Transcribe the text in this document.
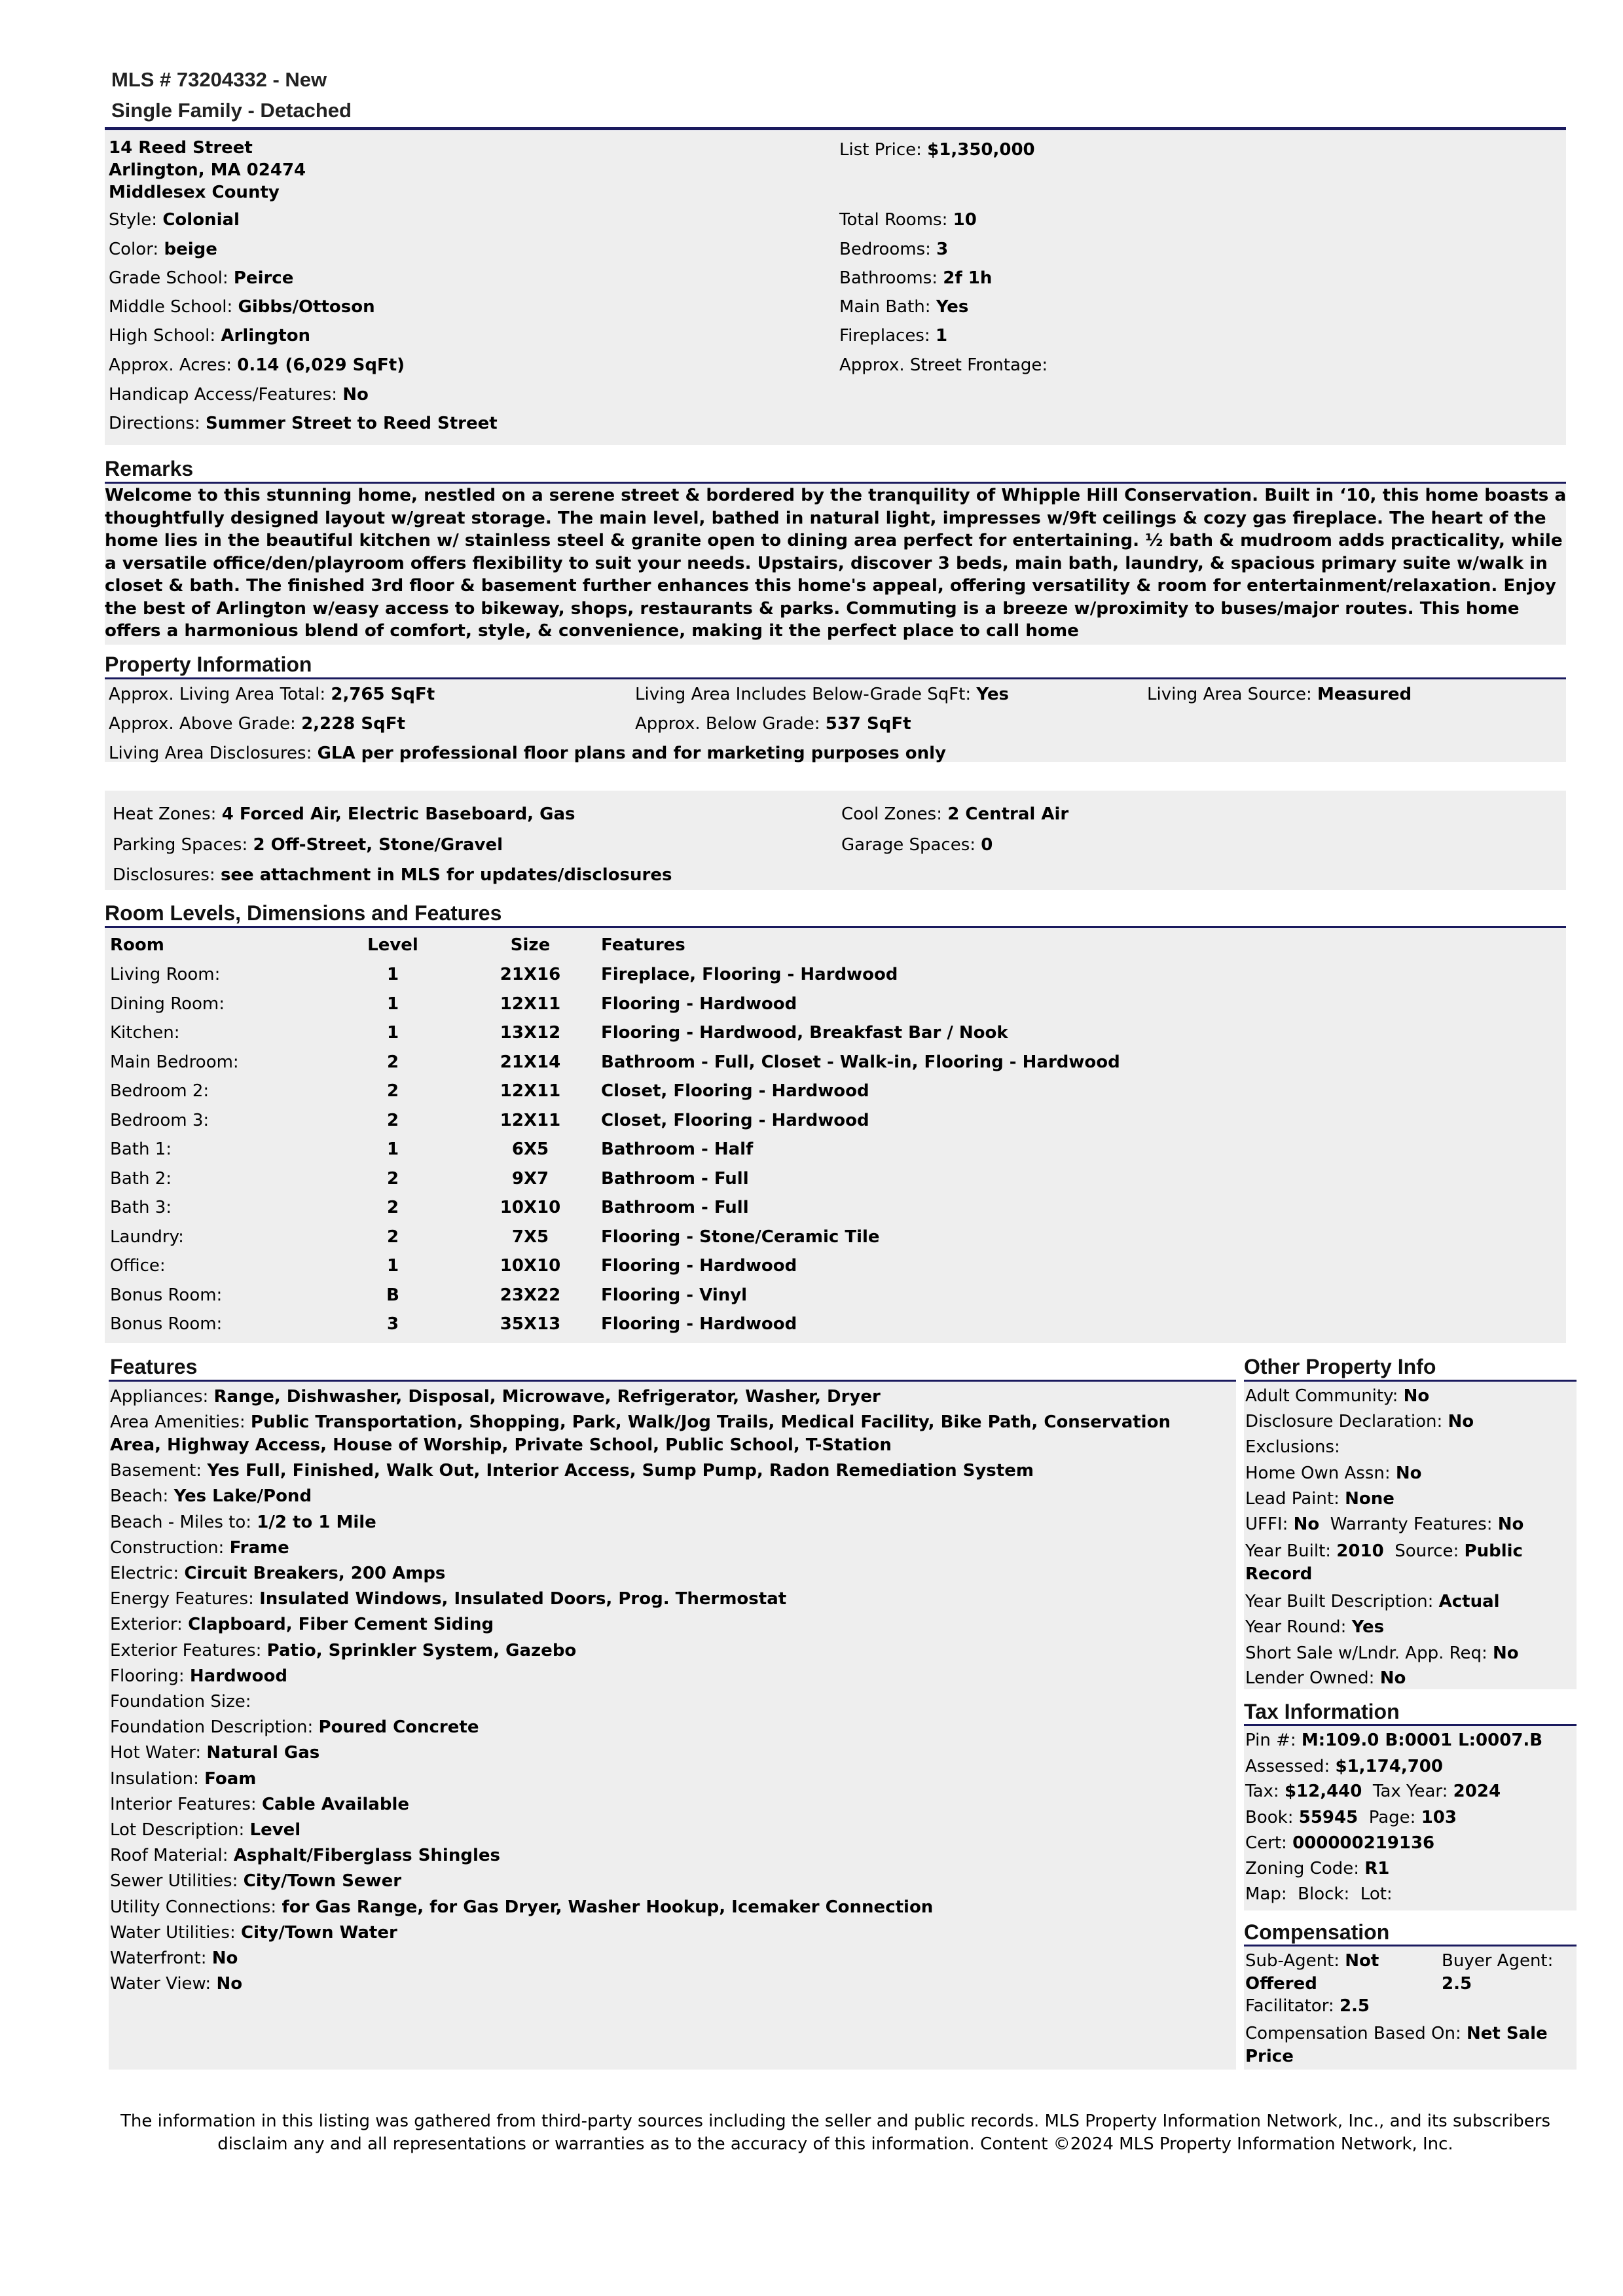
MLS # 73204332 - New
Single Family - Detached
14 Reed Street
Arlington, MA 02474
Middlesex County
List Price: $1,350,000
Style: Colonial
Color: beige
Grade School: Peirce
Middle School: Gibbs/Ottoson
High School: Arlington
Approx. Acres: 0.14 (6,029 SqFt)
Handicap Access/Features: No
Directions: Summer Street to Reed Street
Total Rooms: 10
Bedrooms: 3
Bathrooms: 2f 1h
Main Bath: Yes
Fireplaces: 1
Approx. Street Frontage:
Remarks
Welcome to this stunning home, nestled on a serene street & bordered by the tranquility of Whipple Hill Conservation. Built in ‘10, this home boasts a thoughtfully designed layout w/great storage. The main level, bathed in natural light, impresses w/9ft ceilings & cozy gas fireplace. The heart of the home lies in the beautiful kitchen w/ stainless steel & granite open to dining area perfect for entertaining. ½ bath & mudroom adds practicality, while a versatile office/den/playroom offers flexibility to suit your needs. Upstairs, discover 3 beds, main bath, laundry, & spacious primary suite w/walk in closet & bath. The finished 3rd floor & basement further enhances this home's appeal, offering versatility & room for entertainment/relaxation. Enjoy the best of Arlington w/easy access to bikeway, shops, restaurants & parks. Commuting is a breeze w/proximity to buses/major routes. This home offers a harmonious blend of comfort, style, & convenience, making it the perfect place to call home
Property Information
Approx. Living Area Total: 2,765 SqFt	Living Area Includes Below-Grade SqFt: Yes	Living Area Source: Measured
Approx. Above Grade: 2,228 SqFt	Approx. Below Grade: 537 SqFt
Living Area Disclosures: GLA per professional floor plans and for marketing purposes only
Heat Zones: 4 Forced Air, Electric Baseboard, Gas	Cool Zones: 2 Central Air
Parking Spaces: 2 Off-Street, Stone/Gravel	Garage Spaces: 0
Disclosures: see attachment in MLS for updates/disclosures
Room Levels, Dimensions and Features
Room	Level	Size	Features
Living Room:	1	21X16	Fireplace, Flooring - Hardwood
Dining Room:	1	12X11	Flooring - Hardwood
Kitchen:	1	13X12	Flooring - Hardwood, Breakfast Bar / Nook
Main Bedroom:	2	21X14	Bathroom - Full, Closet - Walk-in, Flooring - Hardwood
Bedroom 2:	2	12X11	Closet, Flooring - Hardwood
Bedroom 3:	2	12X11	Closet, Flooring - Hardwood
Bath 1:	1	6X5	Bathroom - Half
Bath 2:	2	9X7	Bathroom - Full
Bath 3:	2	10X10	Bathroom - Full
Laundry:	2	7X5	Flooring - Stone/Ceramic Tile
Office:	1	10X10	Flooring - Hardwood
Bonus Room:	B	23X22	Flooring - Vinyl
Bonus Room:	3	35X13	Flooring - Hardwood
Features
Appliances: Range, Dishwasher, Disposal, Microwave, Refrigerator, Washer, Dryer
Area Amenities: Public Transportation, Shopping, Park, Walk/Jog Trails, Medical Facility, Bike Path, Conservation Area, Highway Access, House of Worship, Private School, Public School, T-Station
Basement: Yes Full, Finished, Walk Out, Interior Access, Sump Pump, Radon Remediation System
Beach: Yes Lake/Pond
Beach - Miles to: 1/2 to 1 Mile
Construction: Frame
Electric: Circuit Breakers, 200 Amps
Energy Features: Insulated Windows, Insulated Doors, Prog. Thermostat
Exterior: Clapboard, Fiber Cement Siding
Exterior Features: Patio, Sprinkler System, Gazebo
Flooring: Hardwood
Foundation Size:
Foundation Description: Poured Concrete
Hot Water: Natural Gas
Insulation: Foam
Interior Features: Cable Available
Lot Description: Level
Roof Material: Asphalt/Fiberglass Shingles
Sewer Utilities: City/Town Sewer
Utility Connections: for Gas Range, for Gas Dryer, Washer Hookup, Icemaker Connection
Water Utilities: City/Town Water
Waterfront: No
Water View: No
Other Property Info
Adult Community: No
Disclosure Declaration: No
Exclusions:
Home Own Assn: No
Lead Paint: None
UFFI: No Warranty Features: No
Year Built: 2010 Source: Public Record
Year Built Description: Actual
Year Round: Yes
Short Sale w/Lndr. App. Req: No
Lender Owned: No
Tax Information
Pin #: M:109.0 B:0001 L:0007.B
Assessed: $1,174,700
Tax: $12,440 Tax Year: 2024
Book: 55945 Page: 103
Cert: 000000219136
Zoning Code: R1
Map: Block: Lot:
Compensation
Sub-Agent: Not Offered
Buyer Agent:
2.5
Facilitator: 2.5
Compensation Based On: Net Sale Price
The information in this listing was gathered from third-party sources including the seller and public records. MLS Property Information Network, Inc., and its subscribers
disclaim any and all representations or warranties as to the accuracy of this information. Content ©2024 MLS Property Information Network, Inc.
